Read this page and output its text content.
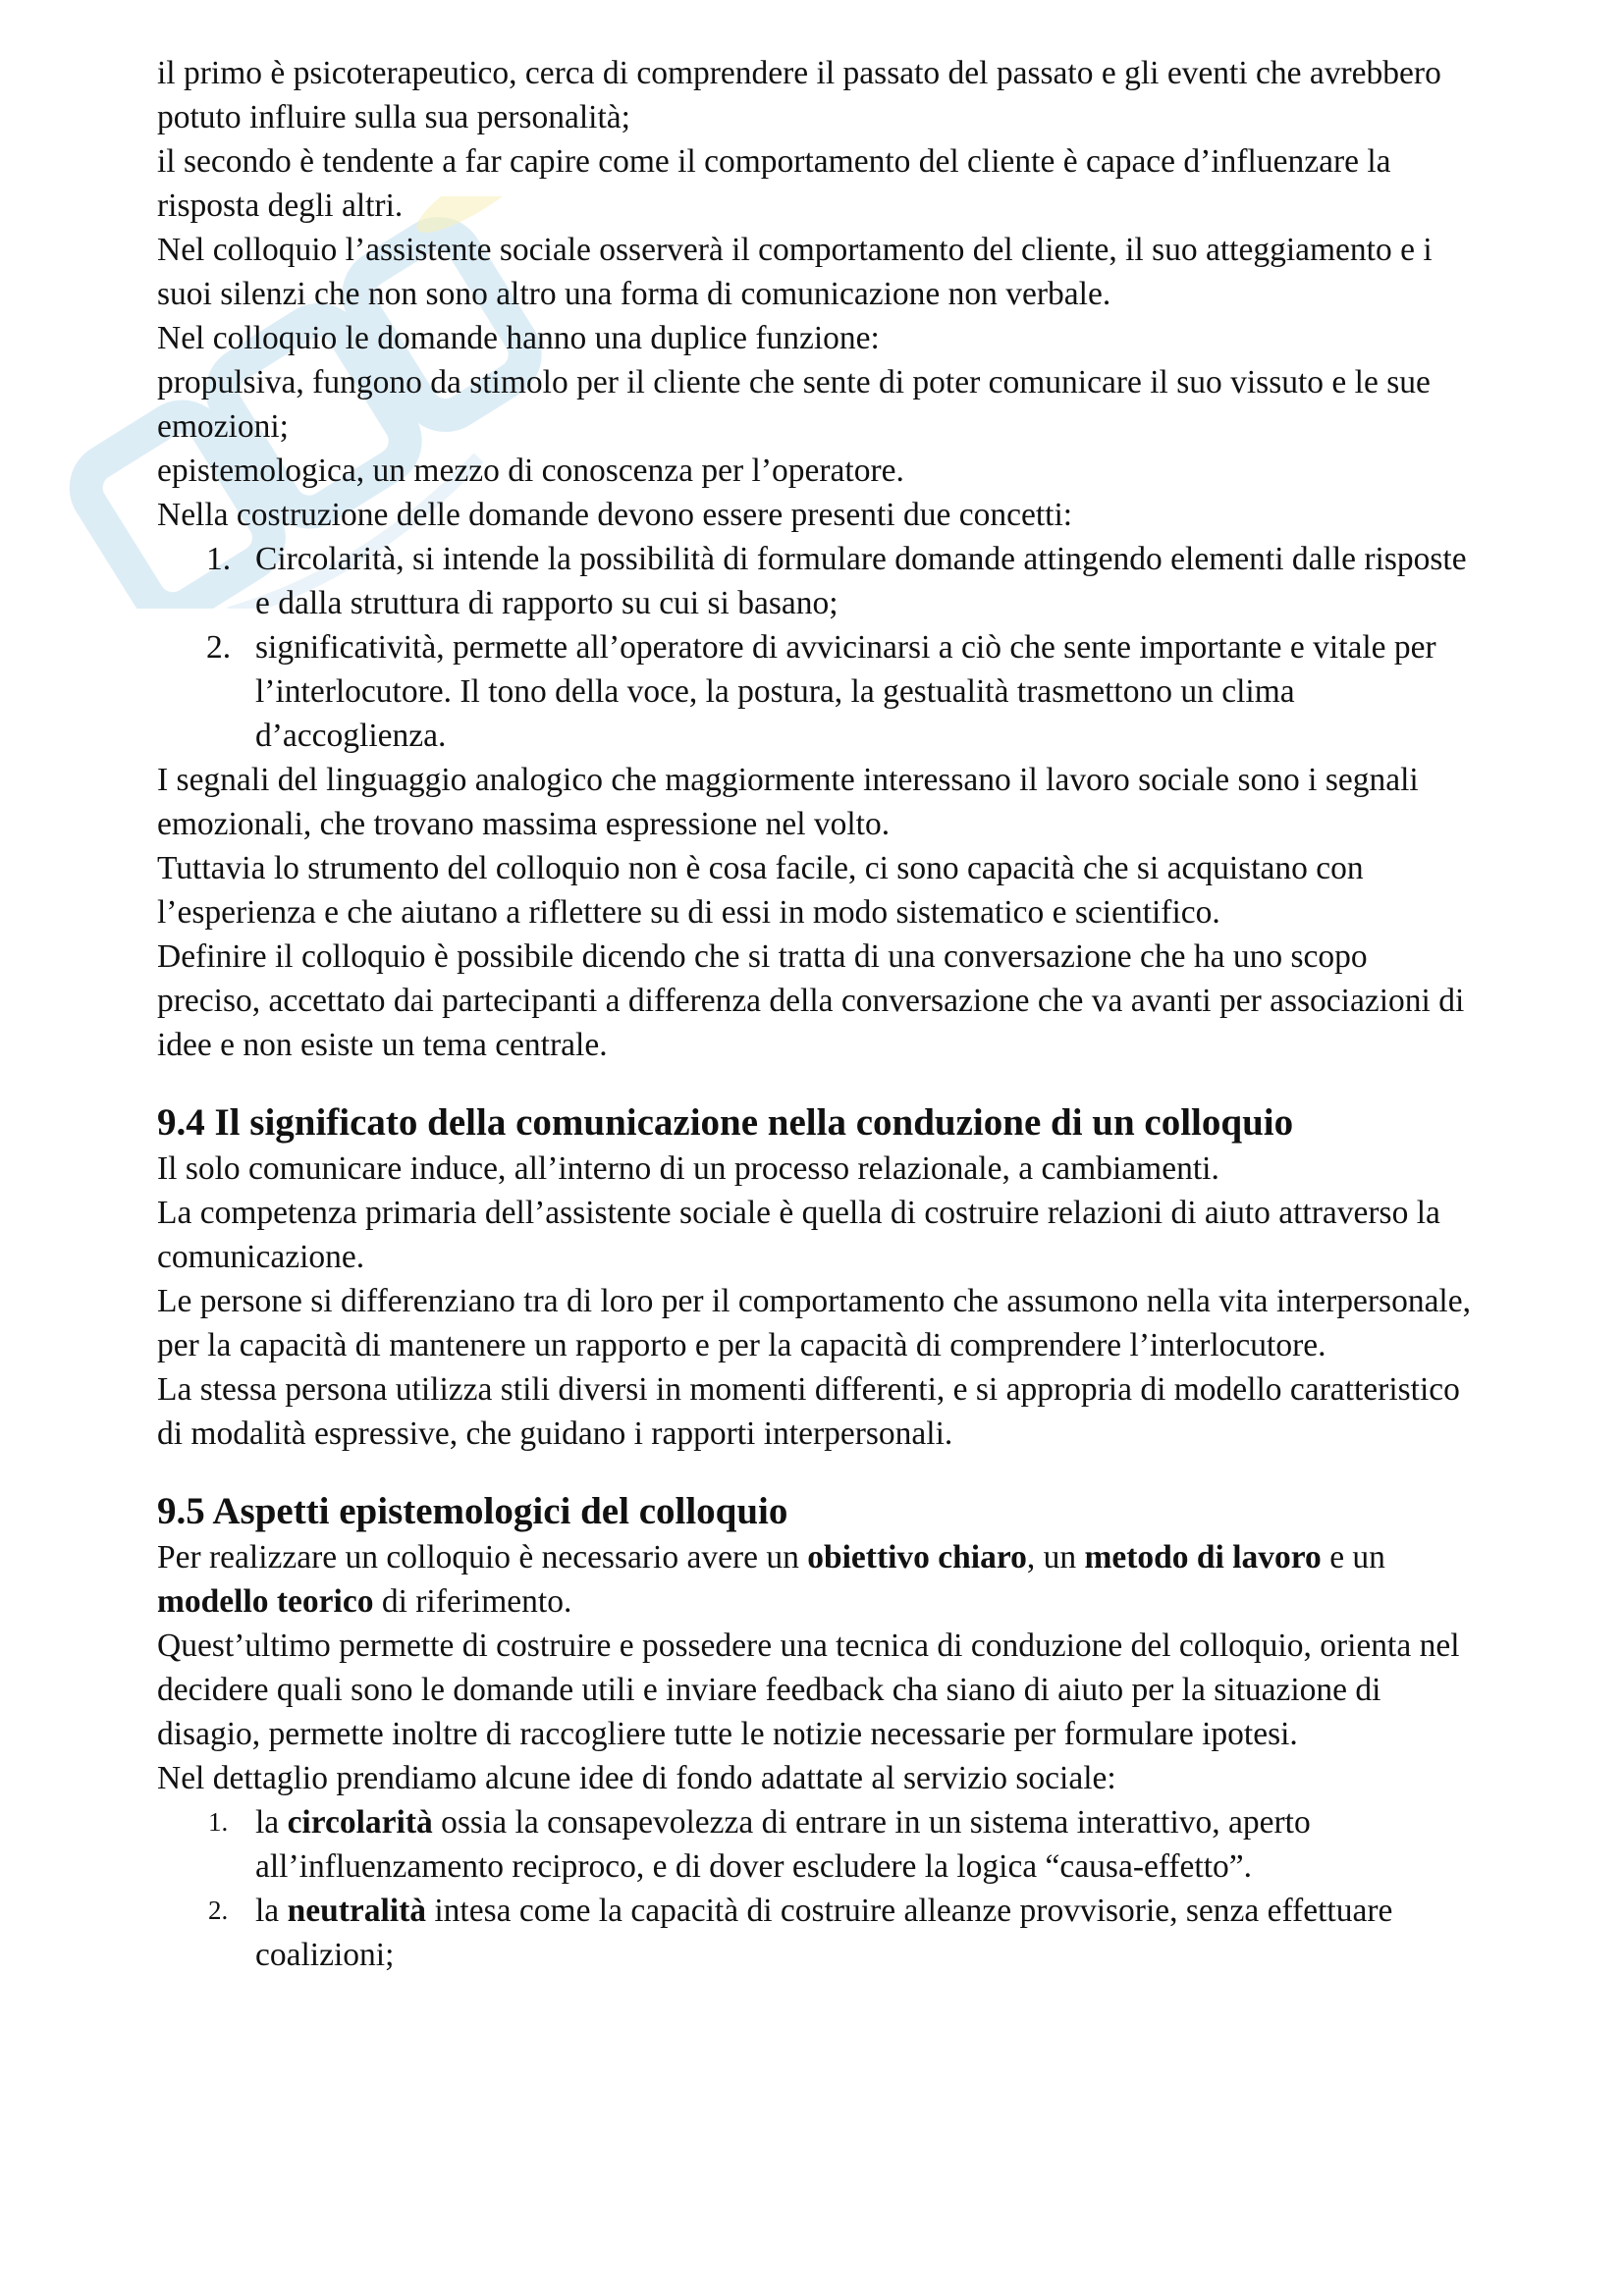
il primo è psicoterapeutico, cerca di comprendere il passato del passato e gli eventi che avrebbero potuto influire sulla sua personalità;

il secondo è tendente a far capire come il comportamento del cliente è capace d’influenzare la risposta degli altri.

Nel colloquio l’assistente sociale osserverà il comportamento del cliente, il suo atteggiamento e i suoi silenzi che non sono altro una forma di comunicazione non verbale.

Nel colloquio le domande hanno una duplice funzione:

propulsiva, fungono da stimolo per il cliente che sente di poter comunicare il suo vissuto e le sue emozioni;

epistemologica, un mezzo di conoscenza per l’operatore.

Nella costruzione delle domande devono essere presenti due concetti:

1. Circolarità, si intende la possibilità di formulare domande attingendo elementi dalle risposte e dalla struttura di rapporto su cui si basano;
2. significatività, permette all’operatore di avvicinarsi a ciò che sente importante e vitale per l’interlocutore. Il tono della voce, la postura, la gestualità trasmettono un clima d’accoglienza.

I segnali del linguaggio analogico che maggiormente interessano il lavoro sociale sono i segnali emozionali, che trovano massima espressione nel volto.

Tuttavia lo strumento del colloquio non è cosa facile, ci sono capacità che si acquistano con l’esperienza e che aiutano a riflettere su di essi in modo sistematico e scientifico.

Definire il colloquio è possibile dicendo che si tratta di una conversazione che ha uno scopo preciso, accettato dai partecipanti a differenza della conversazione che va avanti per associazioni di idee e non esiste un tema centrale.

9.4 Il significato della comunicazione nella conduzione di un colloquio

Il solo comunicare induce, all’interno di un processo relazionale, a cambiamenti.

La competenza primaria dell’assistente sociale è quella di costruire relazioni di aiuto attraverso la comunicazione.

Le persone si differenziano tra di loro per il comportamento che assumono nella vita interpersonale, per la capacità di mantenere un rapporto e per la capacità di comprendere l’interlocutore.

La stessa persona utilizza stili diversi in momenti differenti, e si appropria di modello caratteristico di modalità espressive, che guidano i rapporti interpersonali.

9.5 Aspetti epistemologici del colloquio

Per realizzare un colloquio è necessario avere un obiettivo chiaro, un metodo di lavoro e un modello teorico di riferimento.

Quest’ultimo permette di costruire e possedere una tecnica di conduzione del colloquio, orienta nel decidere quali sono le domande utili e inviare feedback cha siano di aiuto per la situazione di disagio, permette inoltre di raccogliere tutte le notizie necessarie per formulare ipotesi.

Nel dettaglio prendiamo alcune idee di fondo adattate al servizio sociale:

1. la circolarità ossia la consapevolezza di entrare in un sistema interattivo, aperto all’influenzamento reciproco, e di dover escludere la logica “causa-effetto”.
2. la neutralità intesa come la capacità di costruire alleanze provvisorie, senza effettuare coalizioni;
